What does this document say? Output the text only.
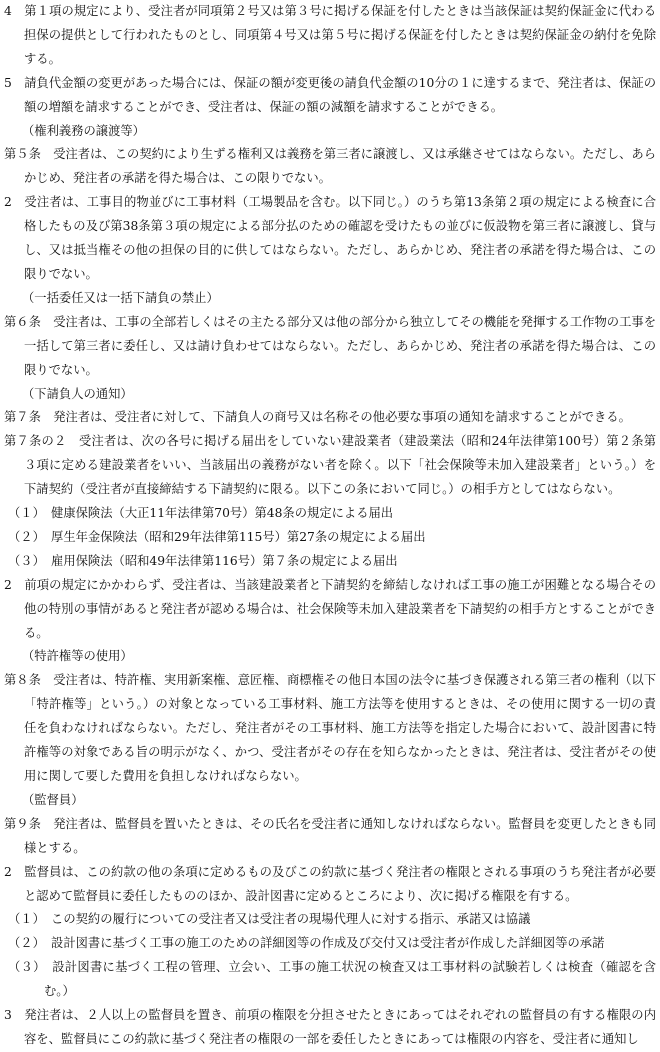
4　第１項の規定により、受注者が同項第２号又は第３号に掲げる保証を付したときは当該保証は契約保証金に代わる担保の提供として行われたものとし、同項第４号又は第５号に掲げる保証を付したときは契約保証金の納付を免除する。

5　請負代金額の変更があった場合には、保証の額が変更後の請負代金額の10分の１に達するまで、発注者は、保証の額の増額を請求することができ、受注者は、保証の額の減額を請求することができる。

（権利義務の譲渡等）

第５条　受注者は、この契約により生ずる権利又は義務を第三者に譲渡し、又は承継させてはならない。ただし、あらかじめ、発注者の承諾を得た場合は、この限りでない。

2　受注者は、工事目的物並びに工事材料（工場製品を含む。以下同じ。）のうち第13条第２項の規定による検査に合格したもの及び第38条第３項の規定による部分払のための確認を受けたもの並びに仮設物を第三者に譲渡し、貸与し、又は抵当権その他の担保の目的に供してはならない。ただし、あらかじめ、発注者の承諾を得た場合は、この限りでない。

（一括委任又は一括下請負の禁止）

第６条　受注者は、工事の全部若しくはその主たる部分又は他の部分から独立してその機能を発揮する工作物の工事を一括して第三者に委任し、又は請け負わせてはならない。ただし、あらかじめ、発注者の承諾を得た場合は、この限りでない。

（下請負人の通知）

第７条　発注者は、受注者に対して、下請負人の商号又は名称その他必要な事項の通知を請求することができる。

第７条の２　受注者は、次の各号に掲げる届出をしていない建設業者（建設業法（昭和24年法律第100号）第２条第３項に定める建設業者をいい、当該届出の義務がない者を除く。以下「社会保険等未加入建設業者」という。）を下請契約（受注者が直接締結する下請契約に限る。以下この条において同じ。）の相手方としてはならない。

（１）　健康保険法（大正11年法律第70号）第48条の規定による届出

（２）　厚生年金保険法（昭和29年法律第115号）第27条の規定による届出

（３）　雇用保険法（昭和49年法律第116号）第７条の規定による届出

2　前項の規定にかかわらず、受注者は、当該建設業者と下請契約を締結しなければ工事の施工が困難となる場合その他の特別の事情があると発注者が認める場合は、社会保険等未加入建設業者を下請契約の相手方とすることができる。

（特許権等の使用）

第８条　受注者は、特許権、実用新案権、意匠権、商標権その他日本国の法令に基づき保護される第三者の権利（以下「特許権等」という。）の対象となっている工事材料、施工方法等を使用するときは、その使用に関する一切の責任を負わなければならない。ただし、発注者がその工事材料、施工方法等を指定した場合において、設計図書に特許権等の対象である旨の明示がなく、かつ、受注者がその存在を知らなかったときは、発注者は、受注者がその使用に関して要した費用を負担しなければならない。

（監督員）

第９条　発注者は、監督員を置いたときは、その氏名を受注者に通知しなければならない。監督員を変更したときも同様とする。

2　監督員は、この約款の他の条項に定めるもの及びこの約款に基づく発注者の権限とされる事項のうち発注者が必要と認めて監督員に委任したもののほか、設計図書に定めるところにより、次に掲げる権限を有する。

（１）　この契約の履行についての受注者又は受注者の現場代理人に対する指示、承諾又は協議

（２）　設計図書に基づく工事の施工のための詳細図等の作成及び交付又は受注者が作成した詳細図等の承諾

（３）　設計図書に基づく工程の管理、立会い、工事の施工状況の検査又は工事材料の試験若しくは検査（確認を含む。）

3　発注者は、２人以上の監督員を置き、前項の権限を分担させたときにあってはそれぞれの監督員の有する権限の内容を、監督員にこの約款に基づく発注者の権限の一部を委任したときにあっては権限の内容を、受注者に通知し
